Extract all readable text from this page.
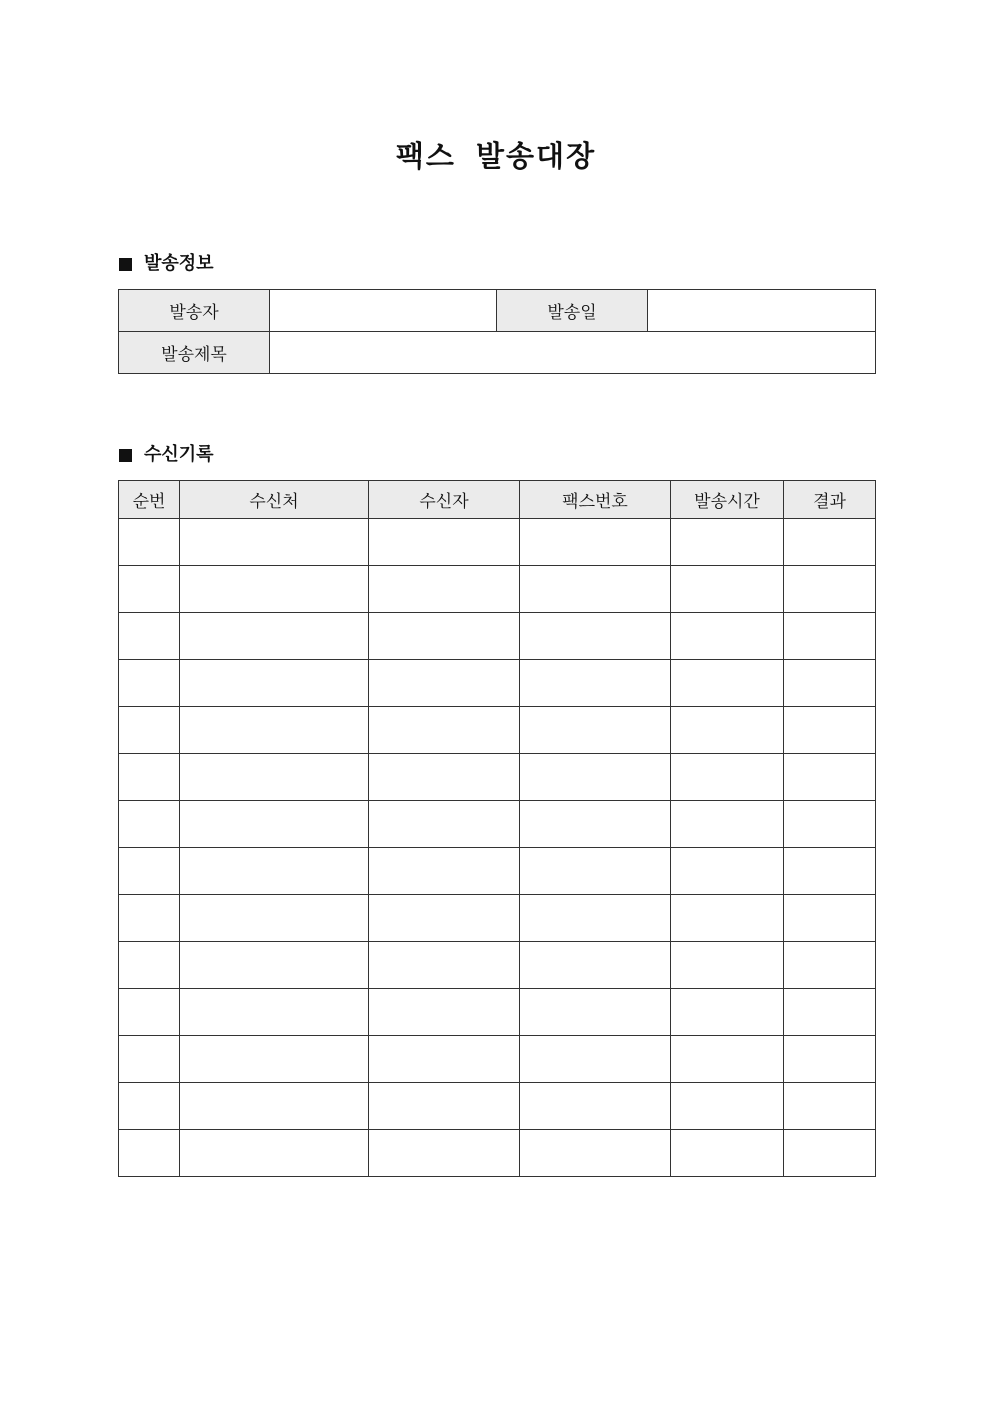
팩스 발송대장
발송정보
발송자		발송일	
발송제목			
수신기록
순번	수신처	수신자	팩스번호	발송시간	결과
